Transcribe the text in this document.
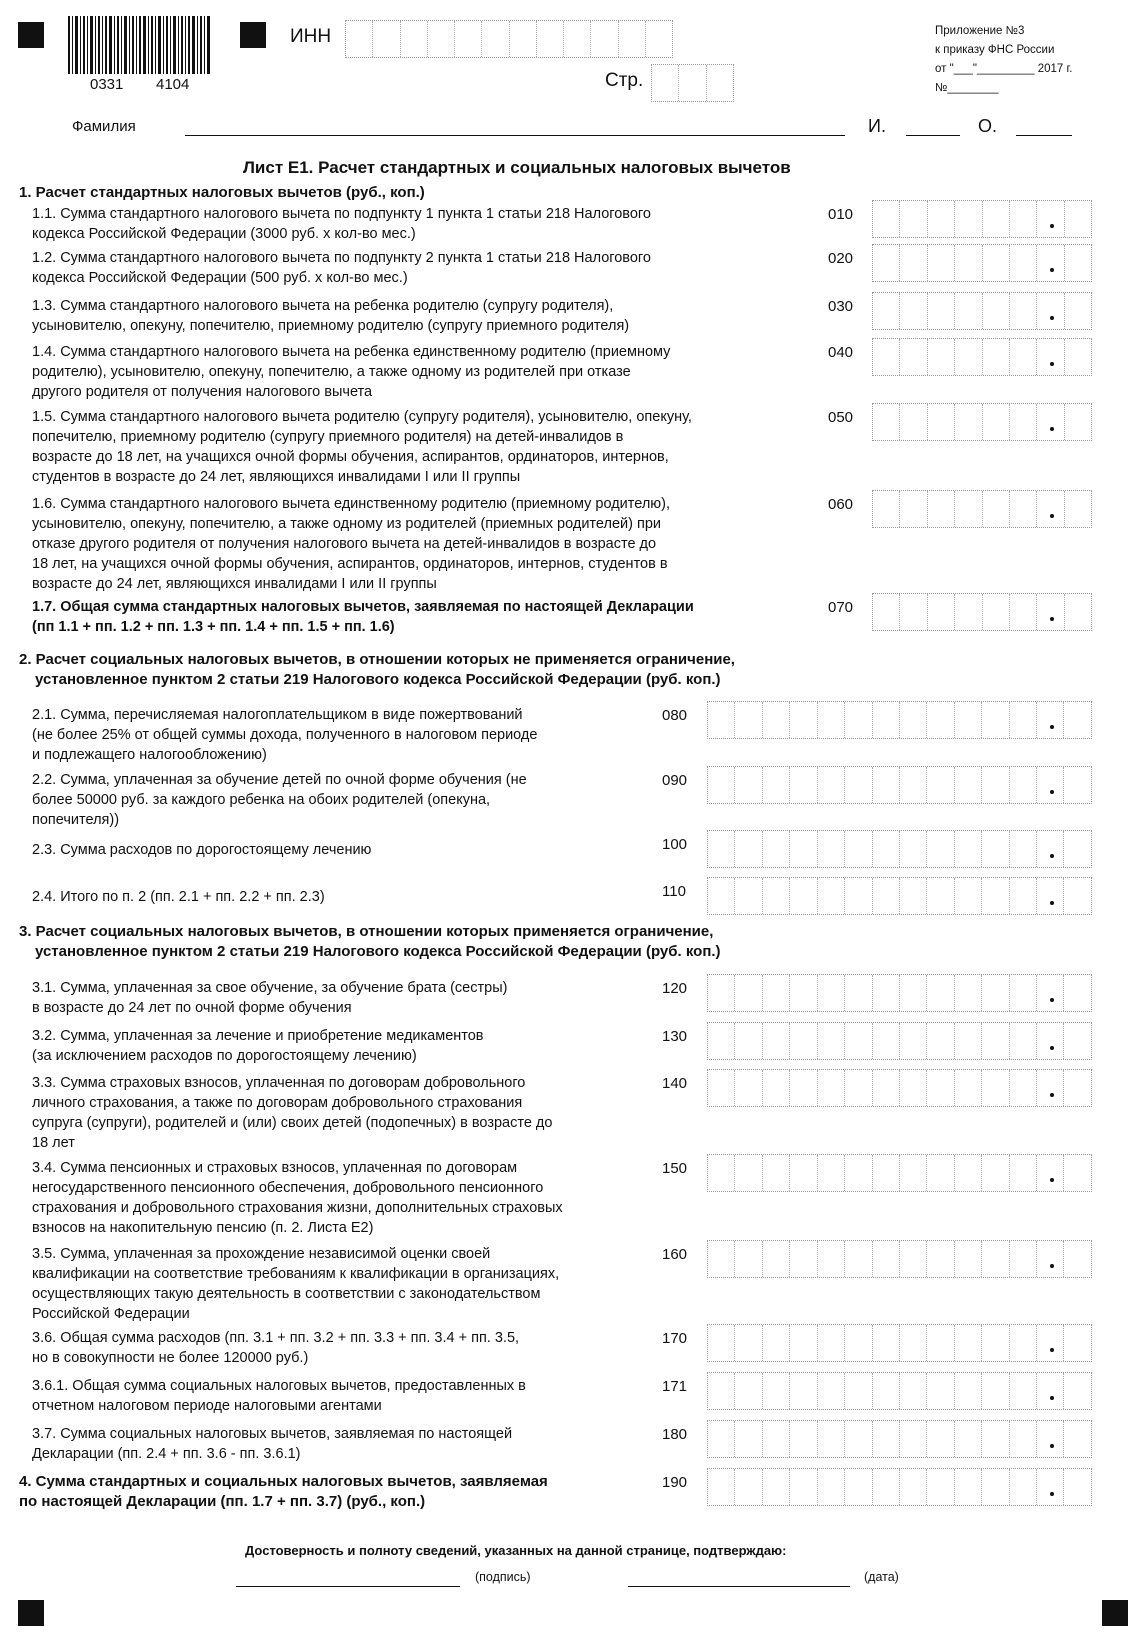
0331 4104
ИНН
Стр.
Приложение №3
к приказу ФНС России
от "___"_________ 2017 г.
№________
Фамилия	И.	О.
Лист Е1. Расчет стандартных и социальных налоговых вычетов
1. Расчет стандартных налоговых вычетов (руб., коп.)
1.1. Сумма стандартного налогового вычета по подпункту 1 пункта 1 статьи 218 Налогового
кодекса Российской Федерации (3000 руб. х кол-во мес.)
010
1.2. Сумма стандартного налогового вычета по подпункту 2 пункта 1 статьи 218 Налогового
кодекса Российской Федерации (500 руб. х кол-во мес.)
020
1.3. Сумма стандартного налогового вычета на ребенка родителю (супругу родителя),
усыновителю, опекуну, попечителю, приемному родителю (супругу приемного родителя)
030
1.4. Сумма стандартного налогового вычета на ребенка единственному родителю (приемному
родителю), усыновителю, опекуну, попечителю, а также одному из родителей при отказе
другого родителя от получения налогового вычета
040
1.5. Сумма стандартного налогового вычета родителю (супругу родителя), усыновителю, опекуну,
попечителю, приемному родителю (супругу приемного родителя) на детей-инвалидов в
возрасте до 18 лет, на учащихся очной формы обучения, аспирантов, ординаторов, интернов,
студентов в возрасте до 24 лет, являющихся инвалидами I или II группы
050
1.6. Сумма стандартного налогового вычета единственному родителю (приемному родителю),
усыновителю, опекуну, попечителю, а также одному из родителей (приемных родителей) при
отказе другого родителя от получения налогового вычета на детей-инвалидов в возрасте до
18 лет, на учащихся очной формы обучения, аспирантов, ординаторов, интернов, студентов в
возрасте до 24 лет, являющихся инвалидами I или II группы
060
1.7. Общая сумма стандартных налоговых вычетов, заявляемая по настоящей Декларации
(пп 1.1 + пп. 1.2 + пп. 1.3 + пп. 1.4 + пп. 1.5 + пп. 1.6)
070
2.1. Сумма, перечисляемая налогоплательщиком в виде пожертвований
(не более 25% от общей суммы дохода, полученного в налоговом периоде
и подлежащего налогообложению)
080
2.2. Сумма, уплаченная за обучение детей по очной форме обучения (не
более 50000 руб. за каждого ребенка на обоих родителей (опекуна,
попечителя))
090
2.3. Сумма расходов по дорогостоящему лечению	100
2.4. Итого по п. 2 (пп. 2.1 + пп. 2.2 + пп. 2.3)	110
3.1. Сумма, уплаченная за свое обучение, за обучение брата (сестры)
в возрасте до 24 лет по очной форме обучения
120
3.2. Сумма, уплаченная за лечение и приобретение медикаментов
(за исключением расходов по дорогостоящему лечению)
130
3.3. Сумма страховых взносов, уплаченная по договорам добровольного
личного страхования, а также по договорам добровольного страхования
супруга (супруги), родителей и (или) своих детей (подопечных) в возрасте до
18 лет
140
3.4. Сумма пенсионных и страховых взносов, уплаченная по договорам
негосударственного пенсионного обеспечения, добровольного пенсионного
страхования и добровольного страхования жизни, дополнительных страховых
взносов на накопительную пенсию (п. 2. Листа Е2)
150
3.5. Сумма, уплаченная за прохождение независимой оценки своей
квалификации на соответствие требованиям к квалификации в организациях,
осуществляющих такую деятельность в соответствии с законодательством
Российской Федерации
160
3.6. Общая сумма расходов (пп. 3.1 + пп. 3.2 + пп. 3.3 + пп. 3.4 + пп. 3.5,
но в совокупности не более 120000 руб.)
170
3.6.1. Общая сумма социальных налоговых вычетов, предоставленных в
отчетном налоговом периоде налоговыми агентами
171
3.7. Сумма социальных налоговых вычетов, заявляемая по настоящей
Декларации (пп. 2.4 + пп. 3.6 - пп. 3.6.1)
180
4. Сумма стандартных и социальных налоговых вычетов, заявляемая
по настоящей Декларации (пп. 1.7 + пп. 3.7) (руб., коп.)
190
2. Расчет социальных налоговых вычетов, в отношении которых не применяется ограничение,
установленное пунктом 2 статьи 219 Налогового кодекса Российской Федерации (руб. коп.)
3. Расчет социальных налоговых вычетов, в отношении которых применяется ограничение,
установленное пунктом 2 статьи 219 Налогового кодекса Российской Федерации (руб. коп.)
Достоверность и полноту сведений, указанных на данной странице, подтверждаю:
(подпись)	(дата)
